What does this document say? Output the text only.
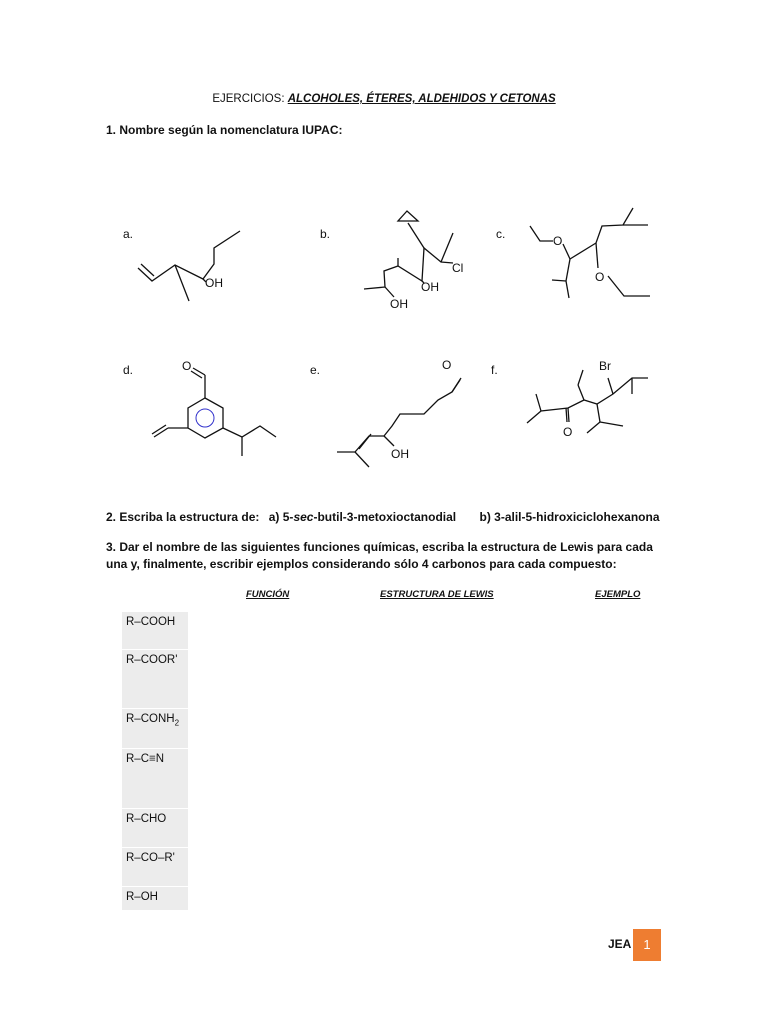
EJERCICIOS: ALCOHOLES, ÉTERES, ALDEHIDOS Y CETONAS
1. Nombre según la nomenclatura IUPAC:
a.	b.	c.
d.	e.	f.
OH
OH
OH
Cl
O
O
O	O
OH
O
Br
2. Escriba la estructura de: a) 5-sec-butil-3-metoxioctanodial b) 3-alil-5-hidroxiciclohexanona
3. Dar el nombre de las siguientes funciones químicas, escriba la estructura de Lewis para cada
una y, finalmente, escribir ejemplos considerando sólo 4 carbonos para cada compuesto:
FUNCIÓN	ESTRUCTURA DE LEWIS	EJEMPLO
R–COOH
R–COOR'
$R-CONH_2$
R–C≡N
R–CHO
R–CO–R'
R–OH
JEA 1
